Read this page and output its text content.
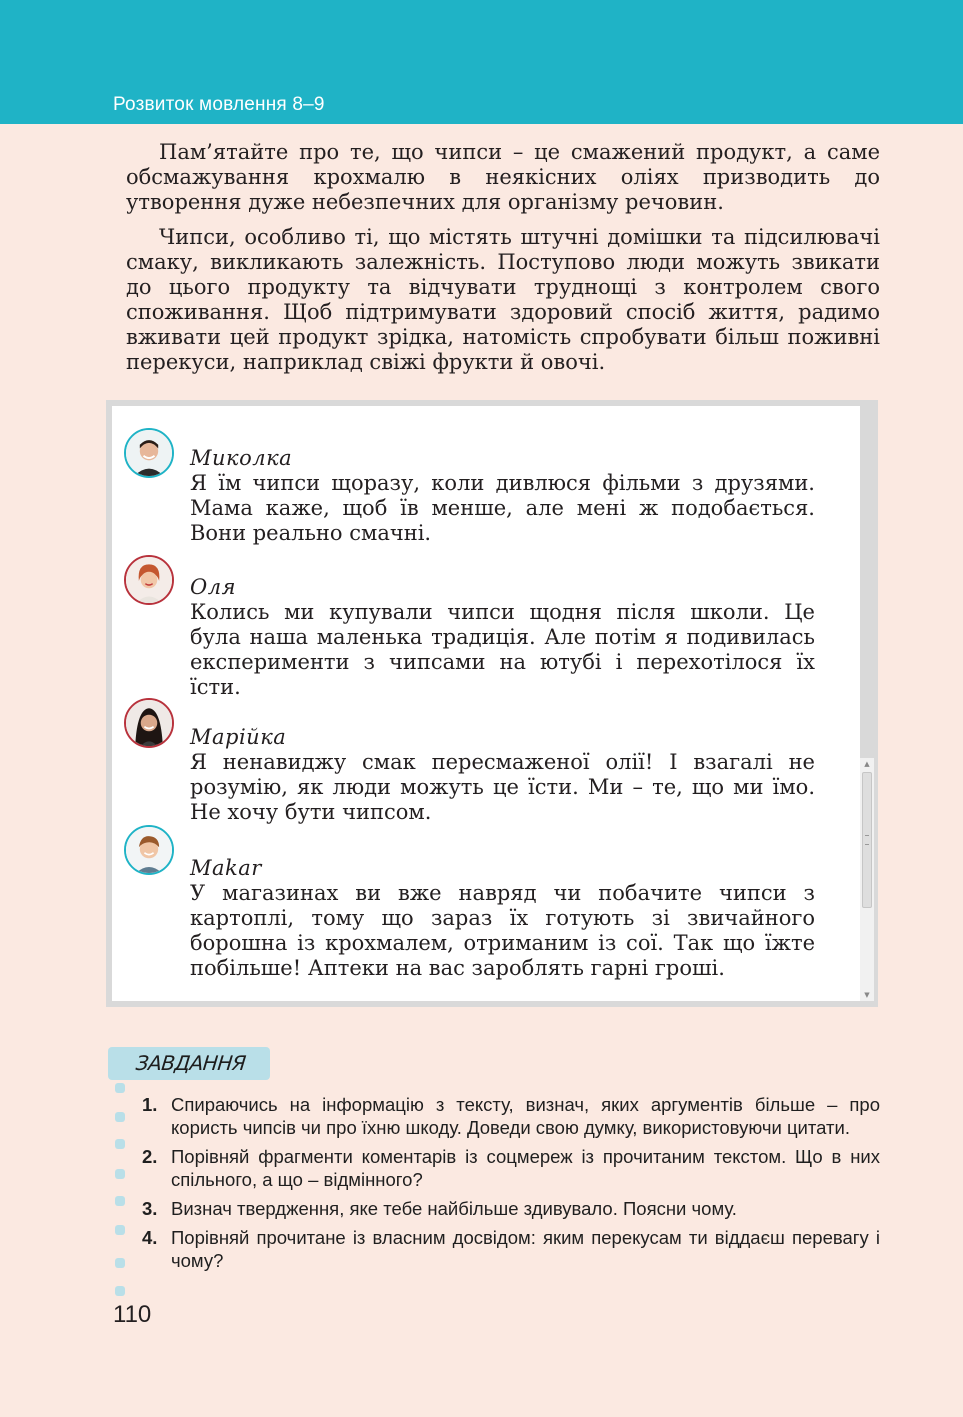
Розвиток мовлення 8–9

Пам’ятайте про те, що чипси – це смажений продукт, а саме обсмажування крохмалю в неякісних оліях призводить до утворення дуже небезпечних для організму речовин.

Чипси, особливо ті, що містять штучні домішки та підсилювачі смаку, викликають залежність. Поступово люди можуть звикати до цього продукту та відчувати труднощі з контролем свого споживання. Щоб підтримувати здоровий спосіб життя, радимо вживати цей продукт зрідка, натомість спробувати більш поживні перекуси, наприклад свіжі фрукти й овочі.

Миколка
Я їм чипси щоразу, коли дивлюся фільми з друзями. Мама каже, щоб їв менше, але мені ж подобається. Вони реально смачні.
Оля
Колись ми купували чипси щодня після школи. Це була наша маленька традиція. Але потім я подивилась експерименти з чипсами на ютубі і перехотілося їх їсти.
Марійка
Я ненавиджу смак пересмаженої олії! І взагалі не розумію, як люди можуть це їсти. Ми – те, що ми їмо. Не хочу бути чипсом.
Makar
У магазинах ви вже навряд чи побачите чипси з картоплі, тому що зараз їх готують зі звичайного борошна із крохмалем, отриманим із сої. Так що їжте побільше! Аптеки на вас зароблять гарні гроші.
▲
▼
ЗАВДАННЯ
1. Спираючись на інформацію з тексту, визнач, яких аргументів більше – про користь чипсів чи про їхню шкоду. Доведи свою думку, використовуючи цитати.
2. Порівняй фрагменти коментарів із соцмереж із прочитаним текстом. Що в них спільного, а що – відмінного?
3. Визнач твердження, яке тебе найбільше здивувало. Поясни чому.
4. Порівняй прочитане із власним досвідом: яким перекусам ти віддаєш перевагу і чому?
110
